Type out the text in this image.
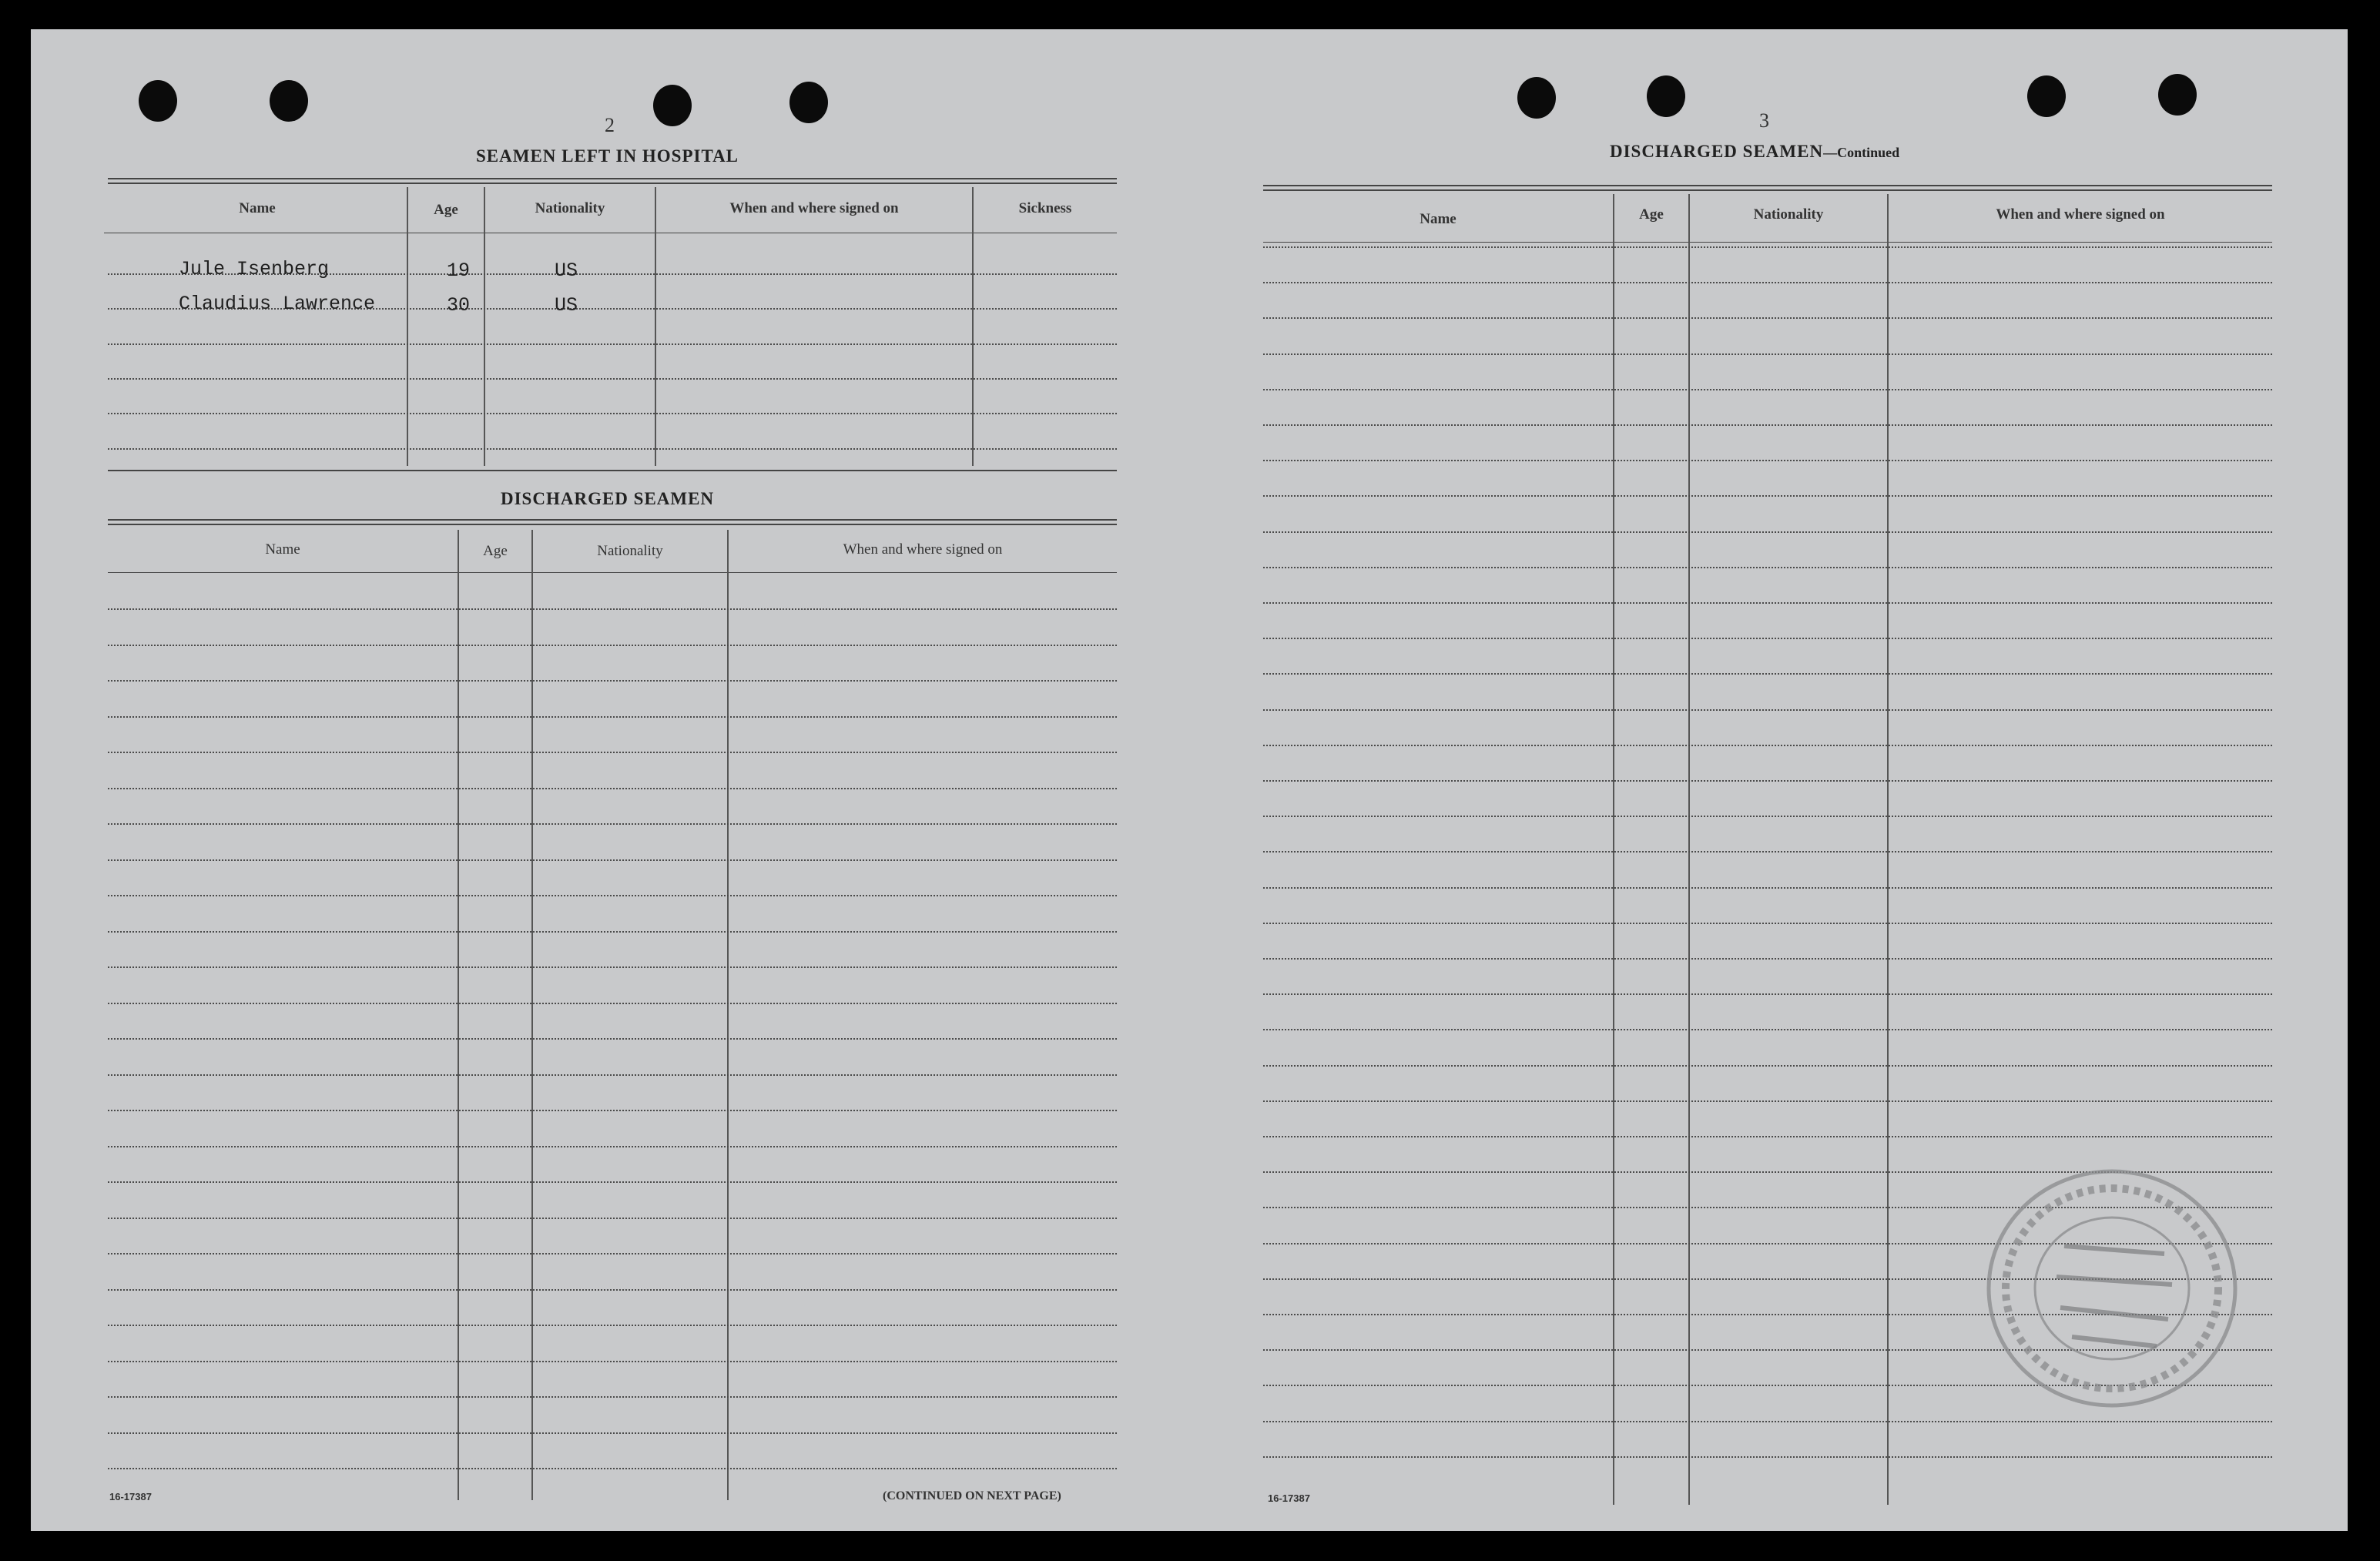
2
SEAMEN LEFT IN HOSPITAL
Name	Age	Nationality	When and where signed on	Sickness
Jule Isenberg	19	US
Claudius Lawrence	30	US
DISCHARGED SEAMEN
Name	Age	Nationality	When and where signed on
16-17387	(CONTINUED ON NEXT PAGE)
3
DISCHARGED SEAMEN—Continued
Name	Age	Nationality	When and where signed on
16-17387
